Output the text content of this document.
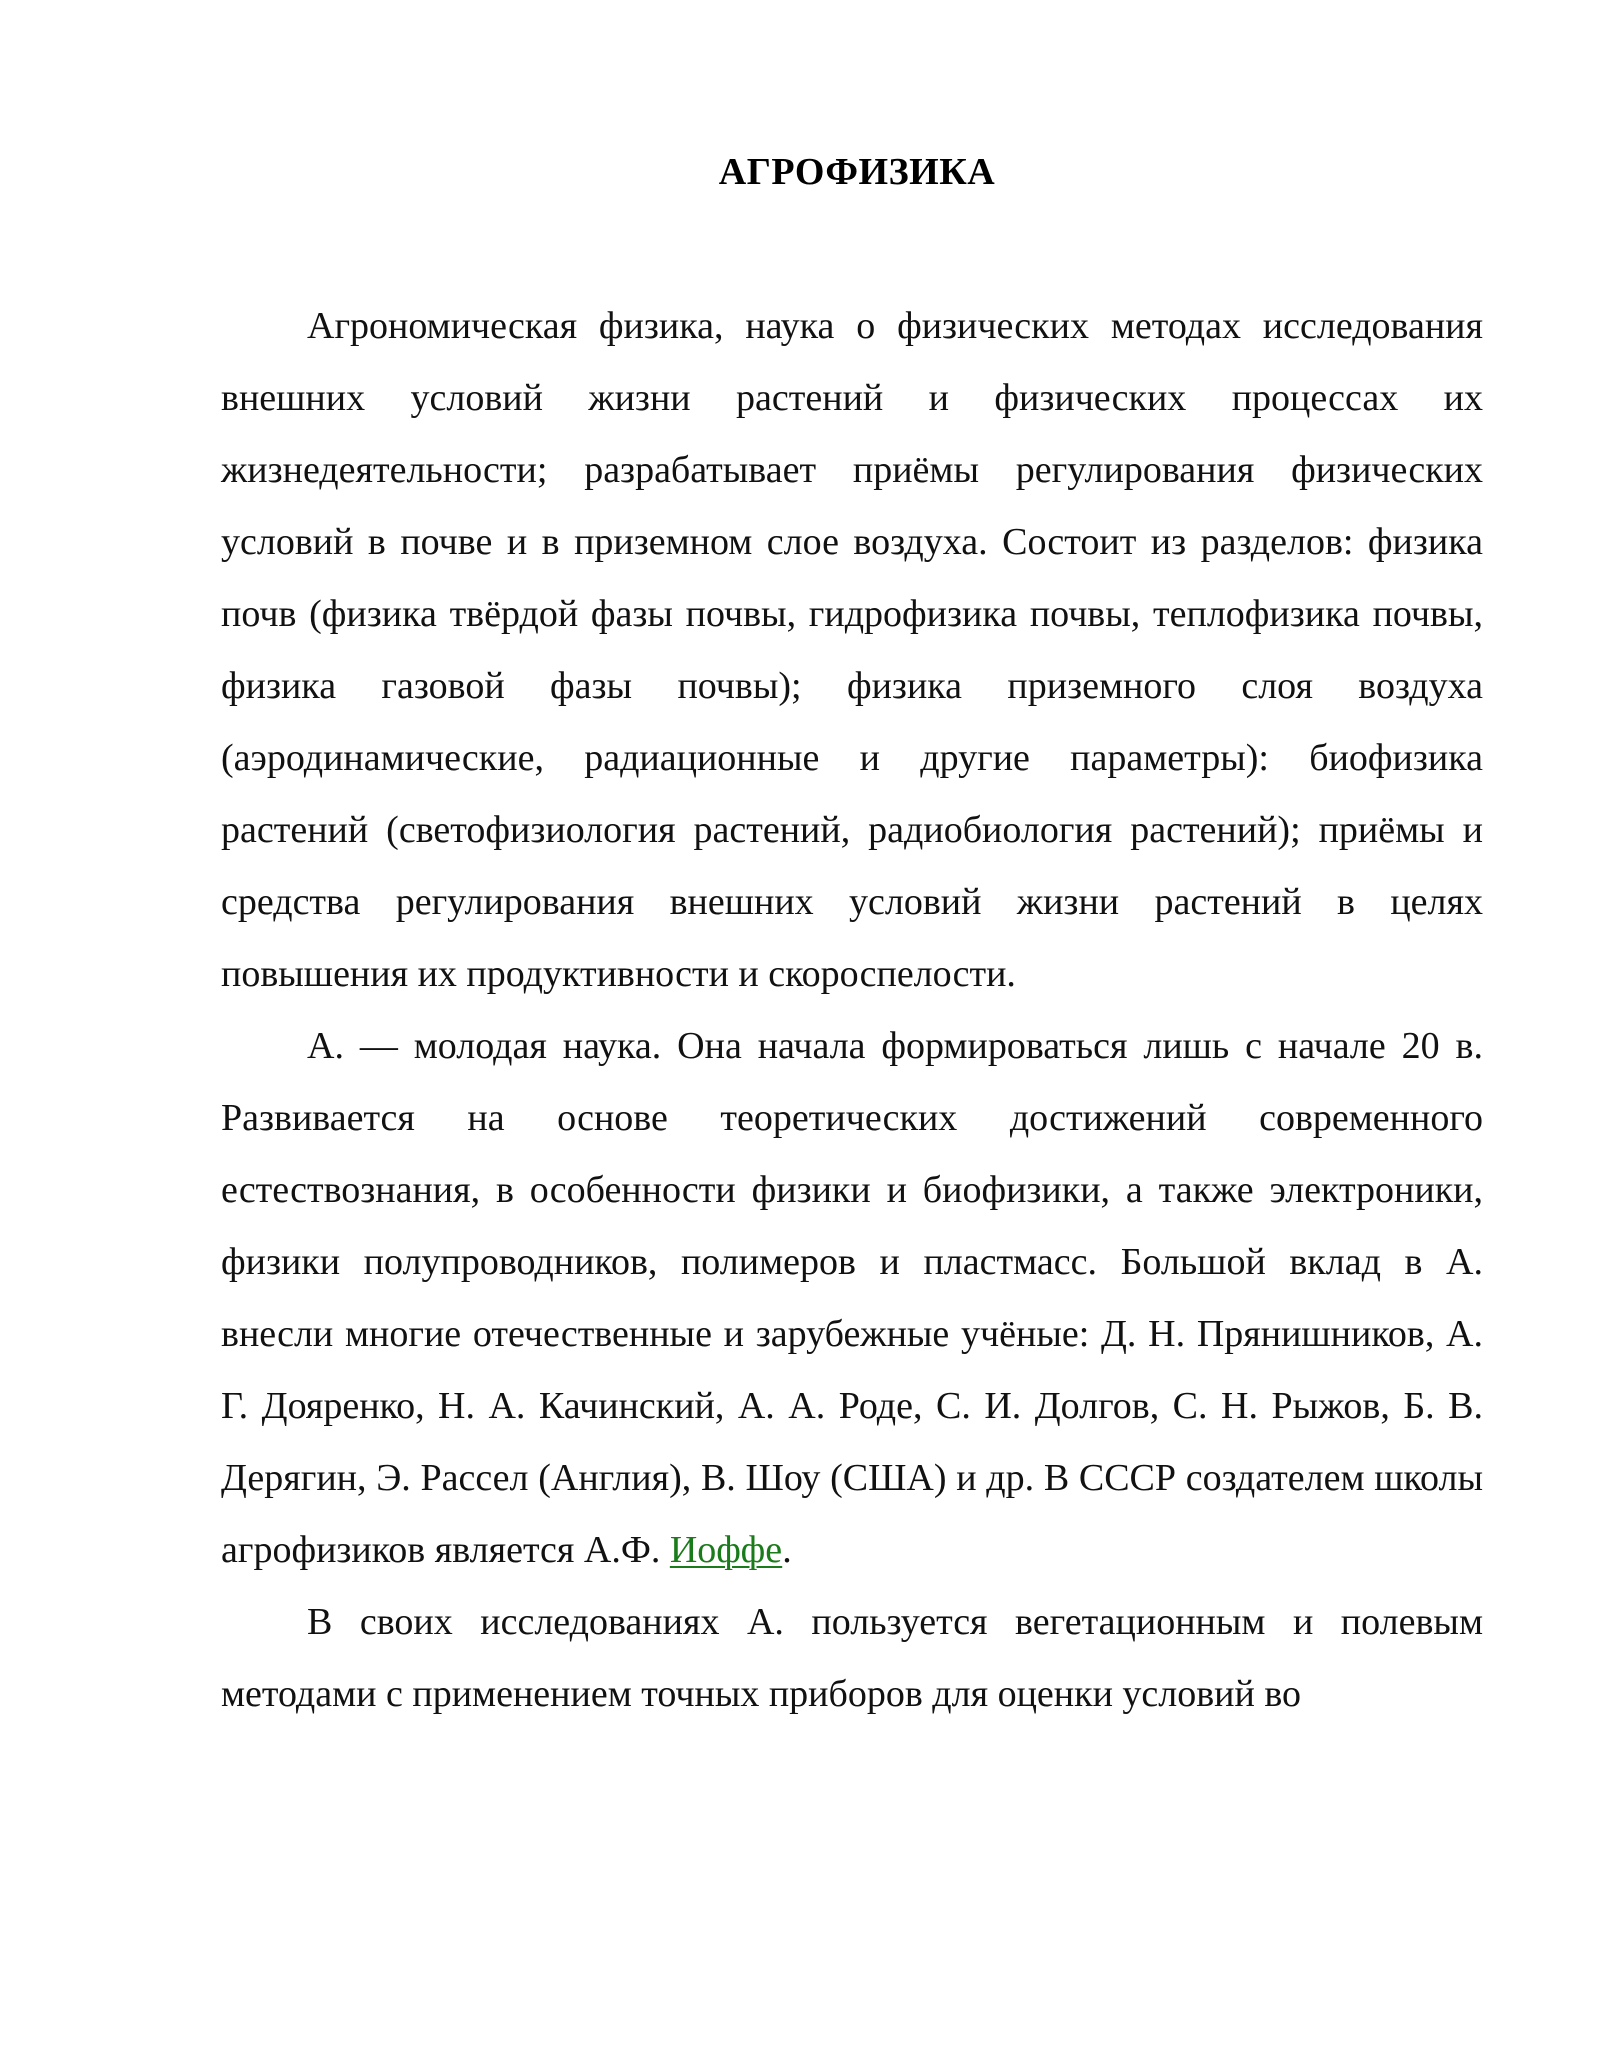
АГРОФИЗИКА

Агрономическая физика, наука о физических методах исследования внешних условий жизни растений и физических процессах их жизнедеятельности; разрабатывает приёмы регулирования физических условий в почве и в приземном слое воздуха. Состоит из разделов: физика почв (физика твёрдой фазы почвы, гидрофизика почвы, теплофизика почвы, физика газовой фазы почвы); физика приземного слоя воздуха (аэродинамические, радиационные и другие параметры): биофизика растений (светофизиология растений, радиобиология растений); приёмы и средства регулирования внешних условий жизни растений в целях повышения их продуктивности и скороспелости.

А. — молодая наука. Она начала формироваться лишь с начале 20 в. Развивается на основе теоретических достижений современного естествознания, в особенности физики и биофизики, а также электроники, физики полупроводников, полимеров и пластмасс. Большой вклад в А. внесли многие отечественные и зарубежные учёные: Д. Н. Прянишников, А. Г. Дояренко, Н. А. Качинский, А. А. Роде, С. И. Долгов, С. Н. Рыжов, Б. В. Дерягин, Э. Рассел (Англия), В. Шоу (США) и др. В СССР создателем школы агрофизиков является А.Ф. Иоффе.

В своих исследованиях А. пользуется вегетационным и полевым методами с применением точных приборов для оценки условий во
